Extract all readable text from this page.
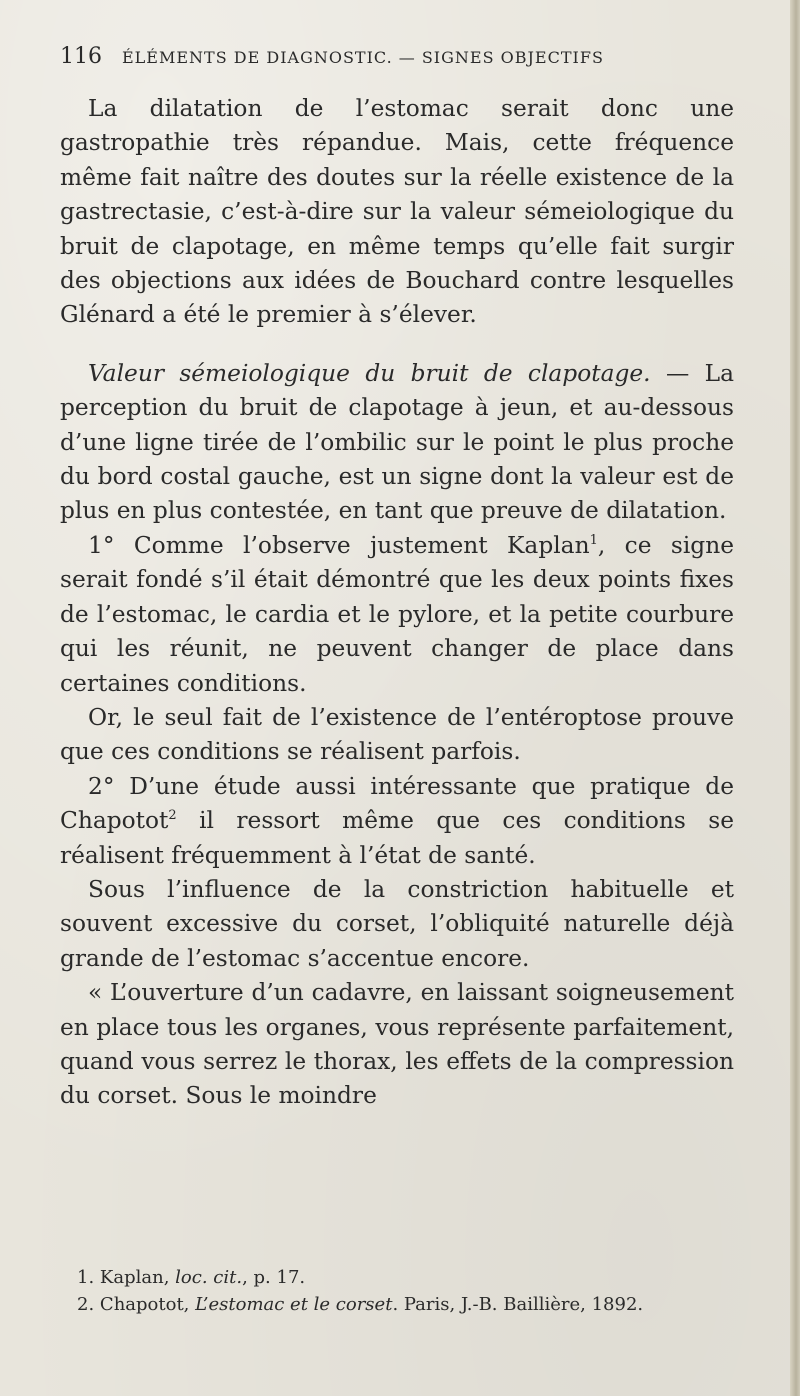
116 ÉLÉMENTS DE DIAGNOSTIC. — SIGNES OBJECTIFS

La dilatation de l’estomac serait donc une gastropathie très répandue. Mais, cette fréquence même fait naître des doutes sur la réelle existence de la gastrectasie, c’est-à-dire sur la valeur sémeiologique du bruit de clapotage, en même temps qu’elle fait surgir des objections aux idées de Bouchard contre lesquelles Glénard a été le premier à s’élever.

Valeur sémeiologique du bruit de clapotage. — La perception du bruit de clapotage à jeun, et au-dessous d’une ligne tirée de l’ombilic sur le point le plus proche du bord costal gauche, est un signe dont la valeur est de plus en plus contestée, en tant que preuve de dilatation.

1° Comme l’observe justement Kaplan$^1$, ce signe serait fondé s’il était démontré que les deux points fixes de l’estomac, le cardia et le pylore, et la petite courbure qui les réunit, ne peuvent changer de place dans certaines conditions.

Or, le seul fait de l’existence de l’entéroptose prouve que ces conditions se réalisent parfois.

2° D’une étude aussi intéressante que pratique de Chapotot$^2$ il ressort même que ces conditions se réalisent fréquemment à l’état de santé.

Sous l’influence de la constriction habituelle et souvent excessive du corset, l’obliquité naturelle déjà grande de l’estomac s’accentue encore.

« L’ouverture d’un cadavre, en laissant soigneusement en place tous les organes, vous représente parfaitement, quand vous serrez le thorax, les effets de la compression du corset. Sous le moindre

1. Kaplan, loc. cit., p. 17.

2. Chapotot, L’estomac et le corset. Paris, J.-B. Baillière, 1892.
